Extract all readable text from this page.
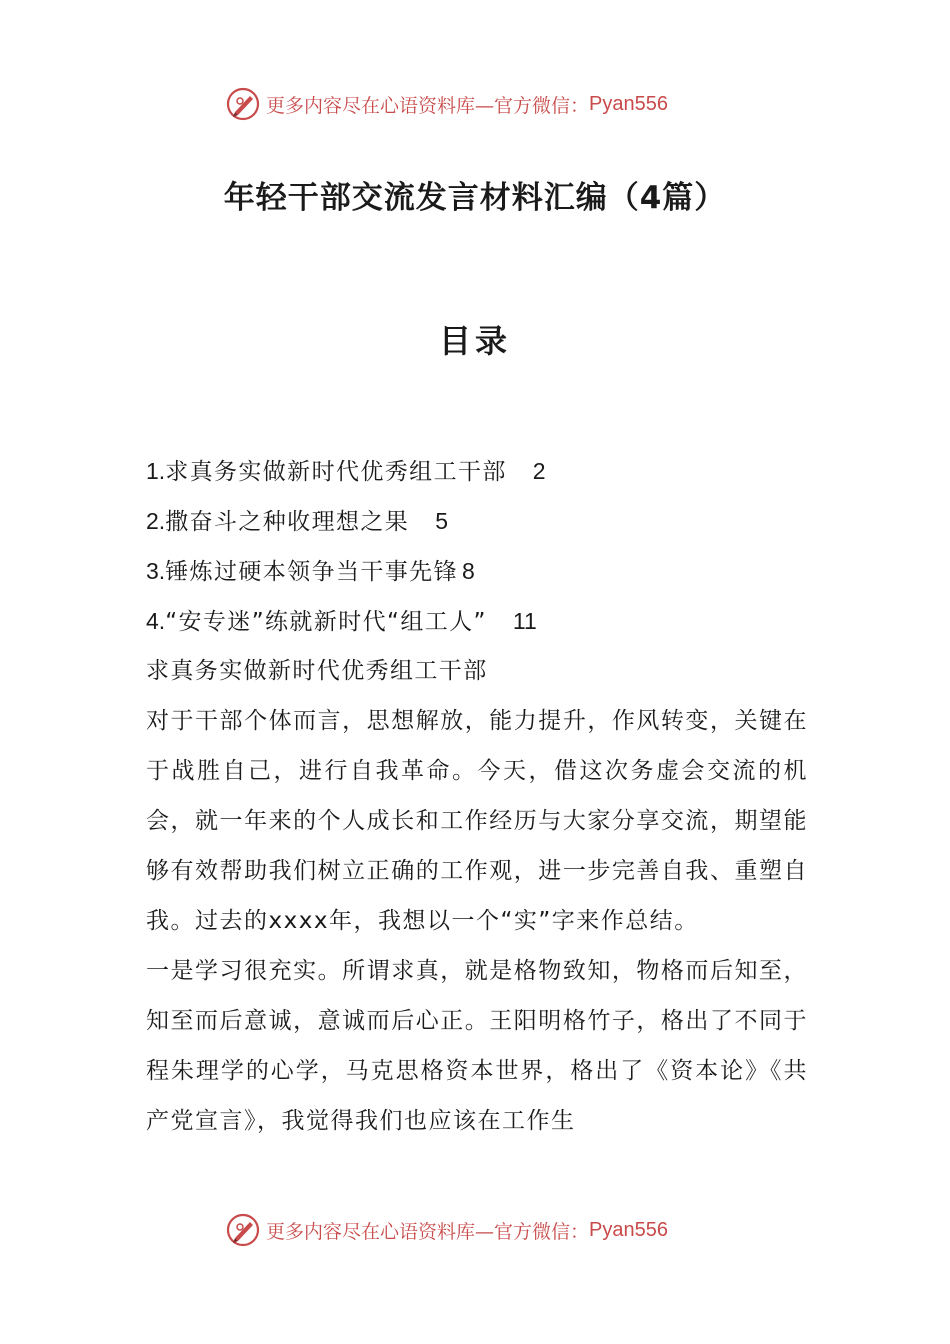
更多内容尽在心语资料库—官方微信： Pyan556
年轻干部交流发言材料汇编（4篇）
目录
1.求真务实做新时代优秀组工干部 2
2.撒奋斗之种收理想之果 5
3.锤炼过硬本领争当干事先锋 8
4.“安专迷”练就新时代“组工人” 11
求真务实做新时代优秀组工干部

对于干部个体而言，思想解放，能力提升，作风转变，关键在于战胜自己，进行自我革命。今天，借这次务虚会交流的机会，就一年来的个人成长和工作经历与大家分享交流，期望能够有效帮助我们树立正确的工作观，进一步完善自我、重塑自我。过去的xxxx年，我想以一个“实”字来作总结。

一是学习很充实。所谓求真，就是格物致知，物格而后知至，知至而后意诚，意诚而后心正。王阳明格竹子，格出了不同于程朱理学的心学，马克思格资本世界，格出了《资本论》《共产党宣言》，我觉得我们也应该在工作生

更多内容尽在心语资料库—官方微信： Pyan556
